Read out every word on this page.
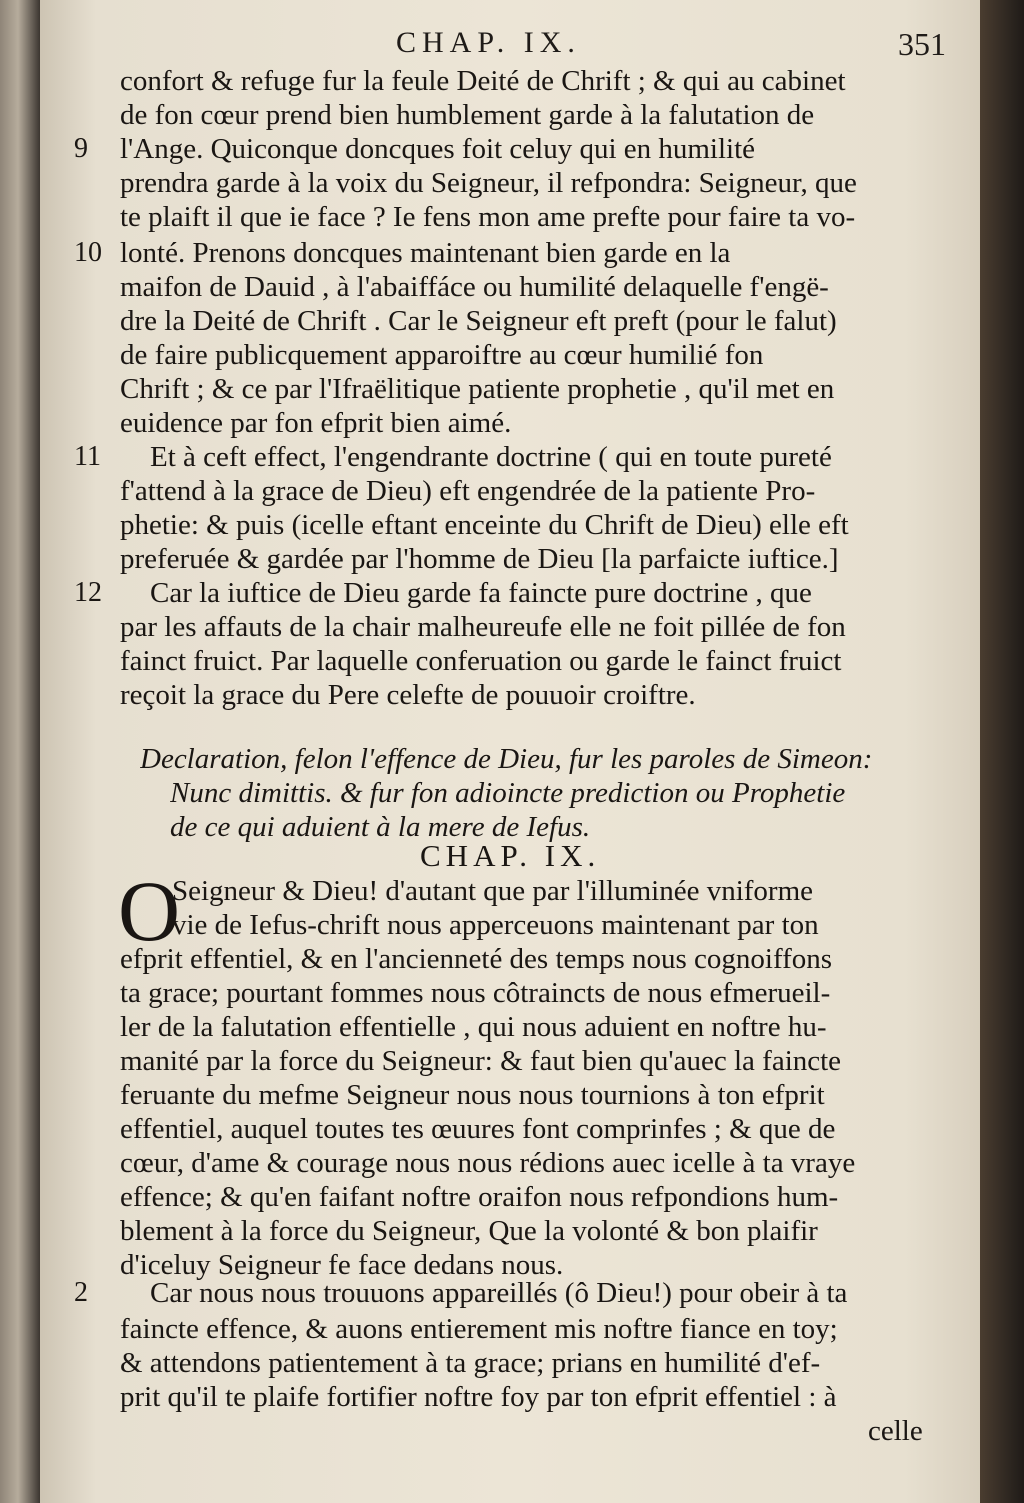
CHAP. IX.	351
9
10
11
12
confort & refuge fur la feule Deité de Chrift ; & qui au cabinet
de fon cœur prend bien humblement garde à la falutation de
l'Ange. Quiconque doncques foit celuy qui en humilité
prendra garde à la voix du Seigneur, il refpondra: Seigneur, que
te plaift il que ie face ? Ie fens mon ame prefte pour faire ta vo-
lonté. Prenons doncques maintenant bien garde en la
maifon de Dauid , à l'abaiffáce ou humilité delaquelle f'engë-
dre la Deité de Chrift . Car le Seigneur eft preft (pour le falut)
de faire publicquement apparoiftre au cœur humilié fon
Chrift ; & ce par l'Ifraëlitique patiente prophetie , qu'il met en
euidence par fon efprit bien aimé.
Et à ceft effect, l'engendrante doctrine ( qui en toute pureté
f'attend à la grace de Dieu) eft engendrée de la patiente Pro-
phetie: & puis (icelle eftant enceinte du Chrift de Dieu) elle eft
preferuée & gardée par l'homme de Dieu [la parfaicte iuftice.]
Car la iuftice de Dieu garde fa faincte pure doctrine , que
par les affauts de la chair malheureufe elle ne foit pillée de fon
fainct fruict. Par laquelle conferuation ou garde le fainct fruict
reçoit la grace du Pere celefte de pouuoir croiftre.
Declaration, felon l'effence de Dieu, fur les paroles de Simeon:
Nunc dimittis. & fur fon adioincte prediction ou Prophetie
de ce qui aduient à la mere de Iefus.
CHAP. IX.
O
2
Seigneur & Dieu! d'autant que par l'illuminée vniforme
vie de Iefus-chrift nous apperceuons maintenant par ton
efprit effentiel, & en l'ancienneté des temps nous cognoiffons
ta grace; pourtant fommes nous côtraincts de nous efmerueil-
ler de la falutation effentielle , qui nous aduient en noftre hu-
manité par la force du Seigneur: & faut bien qu'auec la faincte
feruante du mefme Seigneur nous nous tournions à ton efprit
effentiel, auquel toutes tes œuures font comprinfes ; & que de
cœur, d'ame & courage nous nous rédions auec icelle à ta vraye
effence; & qu'en faifant noftre oraifon nous refpondions hum-
blement à la force du Seigneur, Que la volonté & bon plaifir
d'iceluy Seigneur fe face dedans nous.
Car nous nous trouuons appareillés (ô Dieu!) pour obeir à ta
faincte effence, & auons entierement mis noftre fiance en toy;
& attendons patientement à ta grace; prians en humilité d'ef-
prit qu'il te plaife fortifier noftre foy par ton efprit effentiel : à
celle
